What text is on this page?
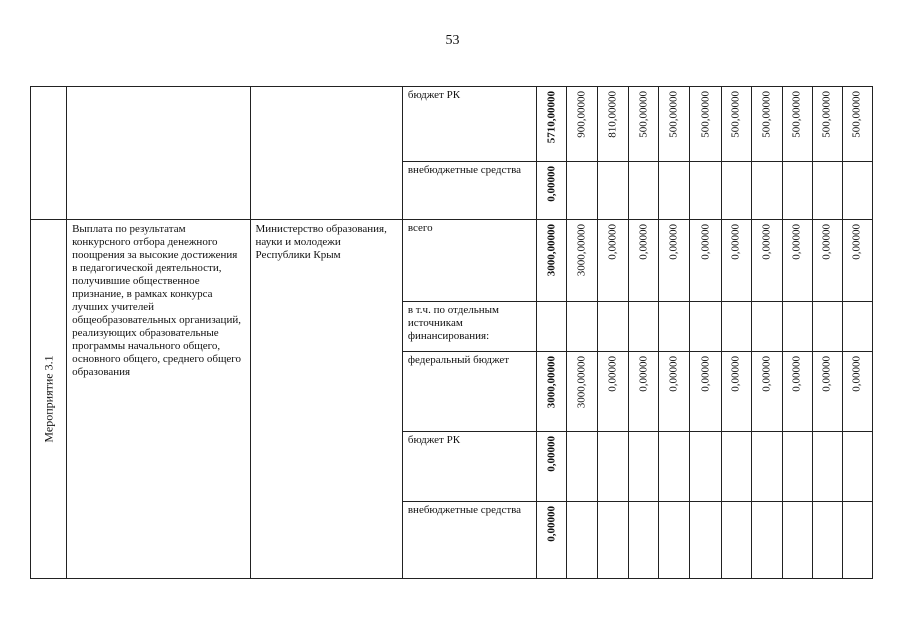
53

			бюджет РК	5710,00000	900,00000	810,00000	500,00000	500,00000	500,00000	500,00000	500,00000	500,00000	500,00000	500,00000

			внебюджетные средства	0,00000										

Мероприятие 3.1	Выплата по результатам конкурсного отбора денежного поощрения за высокие достижения в педагогической деятельности, получившие общественное признание, в рамках конкурса лучших учителей общеобразовательных организаций, реализующих образовательные программы начального общего, основного общего, среднего общего образования	Министерство образования, науки и молодежи Республики Крым	всего	3000,00000	3000,00000	0,00000	0,00000	0,00000	0,00000	0,00000	0,00000	0,00000	0,00000	0,00000

			в т.ч. по отдельным источникам финансирования:											

			федеральный бюджет	3000,00000	3000,00000	0,00000	0,00000	0,00000	0,00000	0,00000	0,00000	0,00000	0,00000	0,00000

			бюджет РК	0,00000										

			внебюджетные средства	0,00000										
